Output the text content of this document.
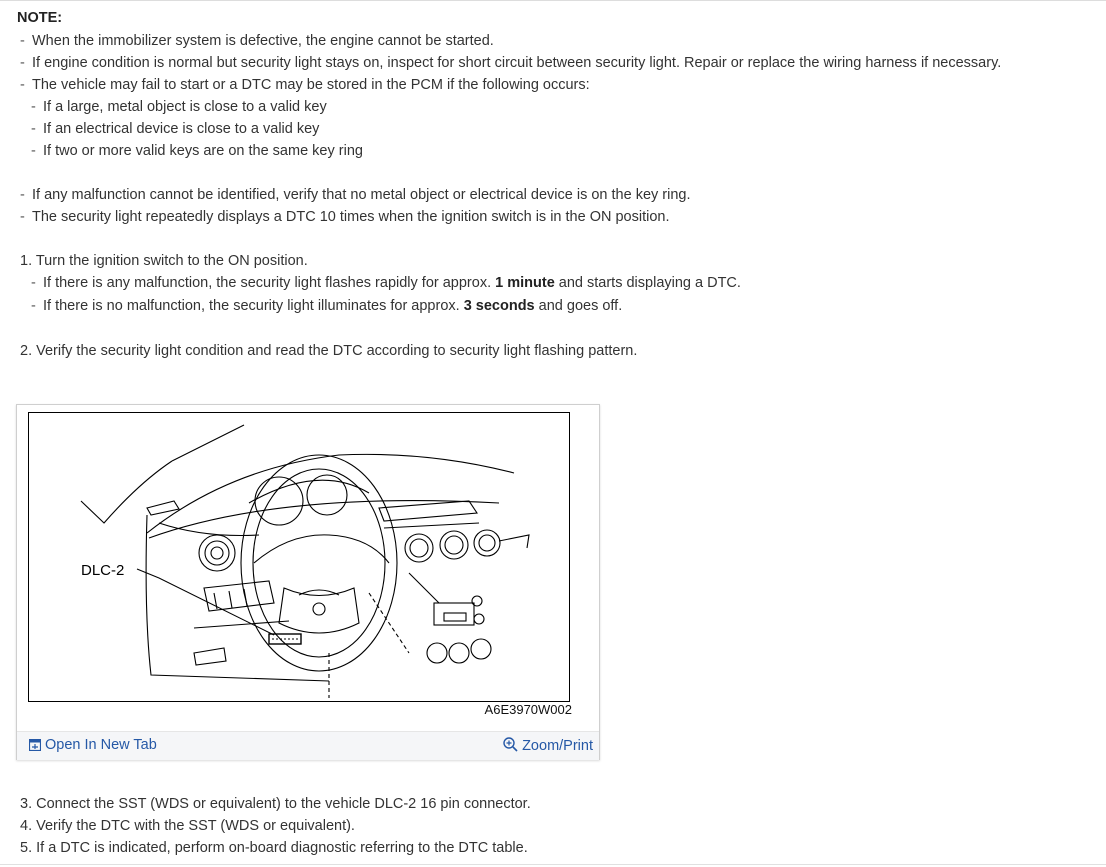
NOTE:
- When the immobilizer system is defective, the engine cannot be started.
- If engine condition is normal but security light stays on, inspect for short circuit between security light. Repair or replace the wiring harness if necessary.
- The vehicle may fail to start or a DTC may be stored in the PCM if the following occurs:
- If a large, metal object is close to a valid key
- If an electrical device is close to a valid key
- If two or more valid keys are on the same key ring
- If any malfunction cannot be identified, verify that no metal object or electrical device is on the key ring.
- The security light repeatedly displays a DTC 10 times when the ignition switch is in the ON position.
1. Turn the ignition switch to the ON position.
- If there is any malfunction, the security light flashes rapidly for approx. 1 minute and starts displaying a DTC.
- If there is no malfunction, the security light illuminates for approx. 3 seconds and goes off.
2. Verify the security light condition and read the DTC according to security light flashing pattern.
DLC-2
A6E3970W002
Open In New Tab	Zoom/Print
3. Connect the SST (WDS or equivalent) to the vehicle DLC-2 16 pin connector.
4. Verify the DTC with the SST (WDS or equivalent).
5. If a DTC is indicated, perform on-board diagnostic referring to the DTC table.
